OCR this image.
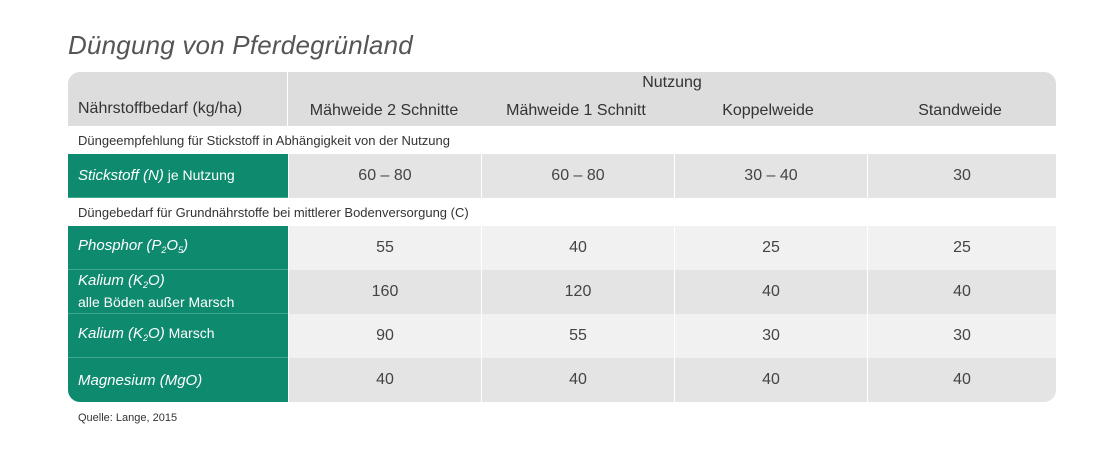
Düngung von Pferdegrünland
Nährstoffbedarf (kg/ha)
Nutzung
Mähweide 2 Schnitte	Mähweide 1 Schnitt	Koppelweide	Standweide
Düngeempfehlung für Stickstoff in Abhängigkeit von der Nutzung
Stickstoff (N) je Nutzung	60 – 80	60 – 80	30 – 40	30
Düngebedarf für Grundnährstoffe bei mittlerer Bodenversorgung (C)
Phosphor $(P_2O_5)$	55	40	25	25
Kalium $(K_2O)$
alle Böden außer Marsch
160	120	40	40
Kalium $(K_2O)$ Marsch	90	55	30	30
Magnesium (MgO)	40	40	40	40
Quelle: Lange, 2015
